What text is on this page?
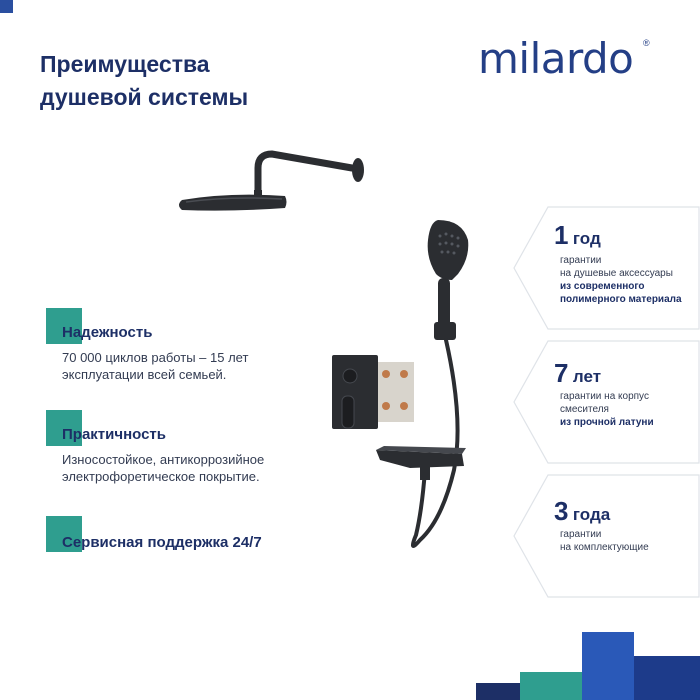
Преимущества
душевой системы
milardo ®
Надежность
70 000 циклов работы – 15 лет
эксплуатации всей семьей.
Практичность
Износостойкое, антикоррозийное
электрофоретическое покрытие.
Сервисная поддержка 24/7
1 год
гарантии
на душевые аксессуары
из современного
полимерного материала
7 лет
гарантии на корпус
смесителя
из прочной латуни
3 года
гарантии
на комплектующие
